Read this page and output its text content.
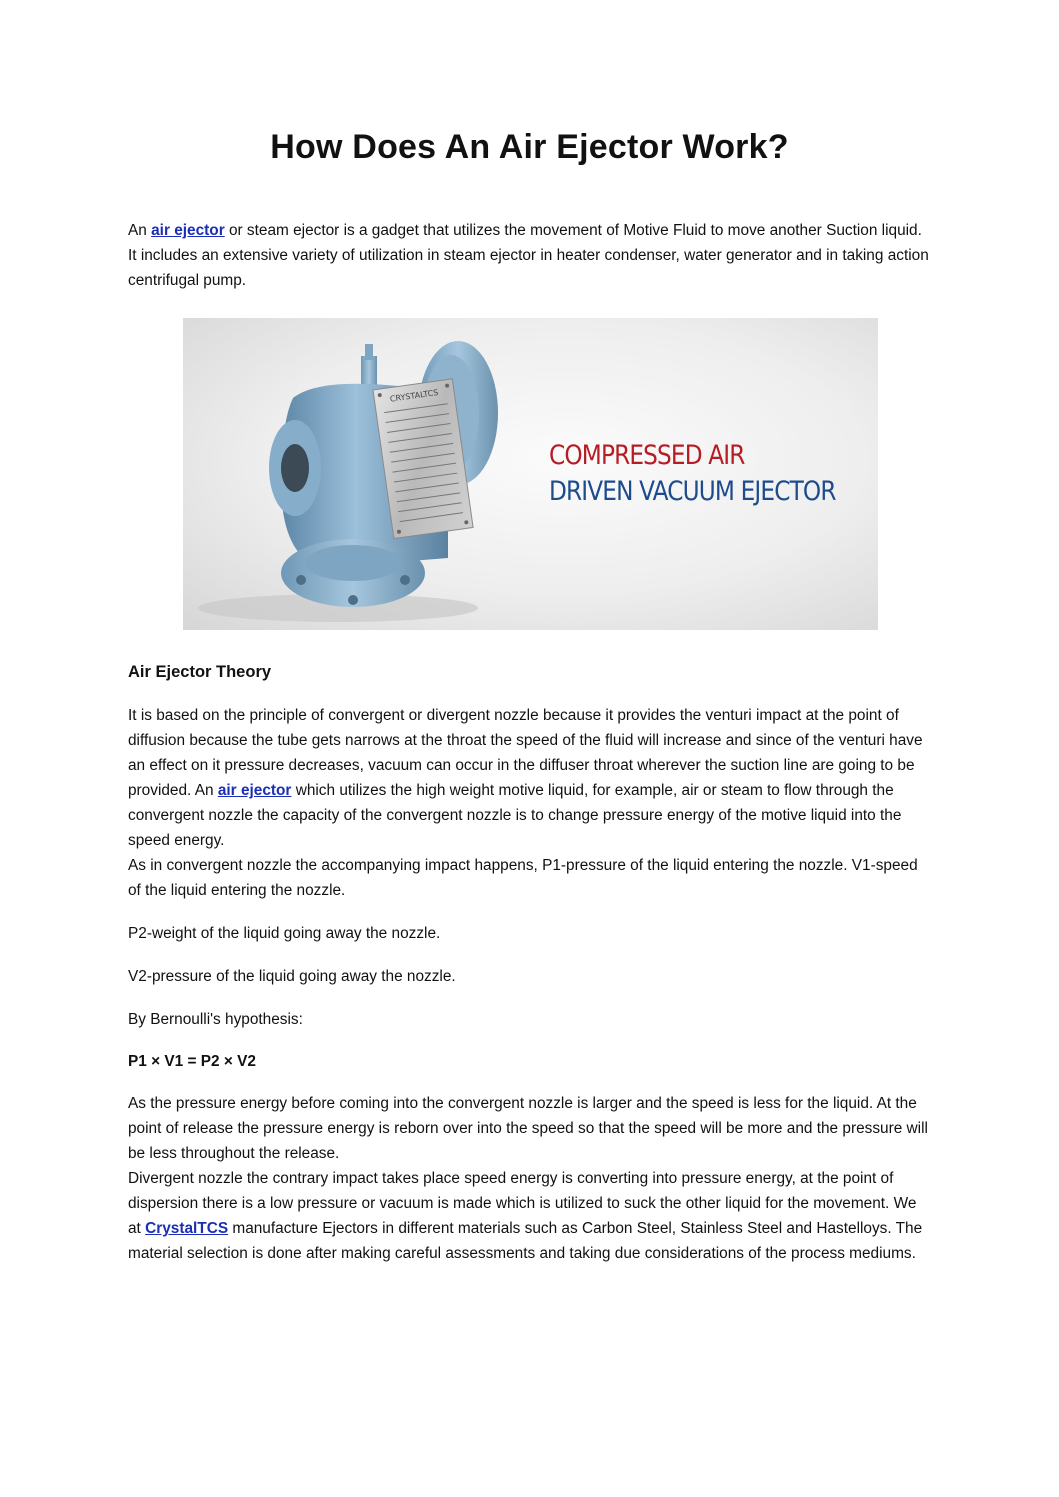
How Does An Air Ejector Work?

An air ejector or steam ejector is a gadget that utilizes the movement of Motive Fluid to move another Suction liquid. It includes an extensive variety of utilization in steam ejector in heater condenser, water generator and in taking action centrifugal pump.

CRYSTALTCS

COMPRESSED AIR

DRIVEN VACUUM EJECTOR

Air Ejector Theory

It is based on the principle of convergent or divergent nozzle because it provides the venturi impact at the point of diffusion because the tube gets narrows at the throat the speed of the fluid will increase and since of the venturi have an effect on it pressure decreases, vacuum can occur in the diffuser throat wherever the suction line are going to be provided. An air ejector which utilizes the high weight motive liquid, for example, air or steam to flow through the convergent nozzle the capacity of the convergent nozzle is to change pressure energy of the motive liquid into the speed energy.
As in convergent nozzle the accompanying impact happens, P1-pressure of the liquid entering the nozzle. V1-speed of the liquid entering the nozzle.

P2-weight of the liquid going away the nozzle.

V2-pressure of the liquid going away the nozzle.

By Bernoulli's hypothesis:

P1 × V1 = P2 × V2

As the pressure energy before coming into the convergent nozzle is larger and the speed is less for the liquid. At the point of release the pressure energy is reborn over into the speed so that the speed will be more and the pressure will be less throughout the release.
Divergent nozzle the contrary impact takes place speed energy is converting into pressure energy, at the point of dispersion there is a low pressure or vacuum is made which is utilized to suck the other liquid for the movement. We at CrystalTCS manufacture Ejectors in different materials such as Carbon Steel, Stainless Steel and Hastelloys. The material selection is done after making careful assessments and taking due considerations of the process mediums.
